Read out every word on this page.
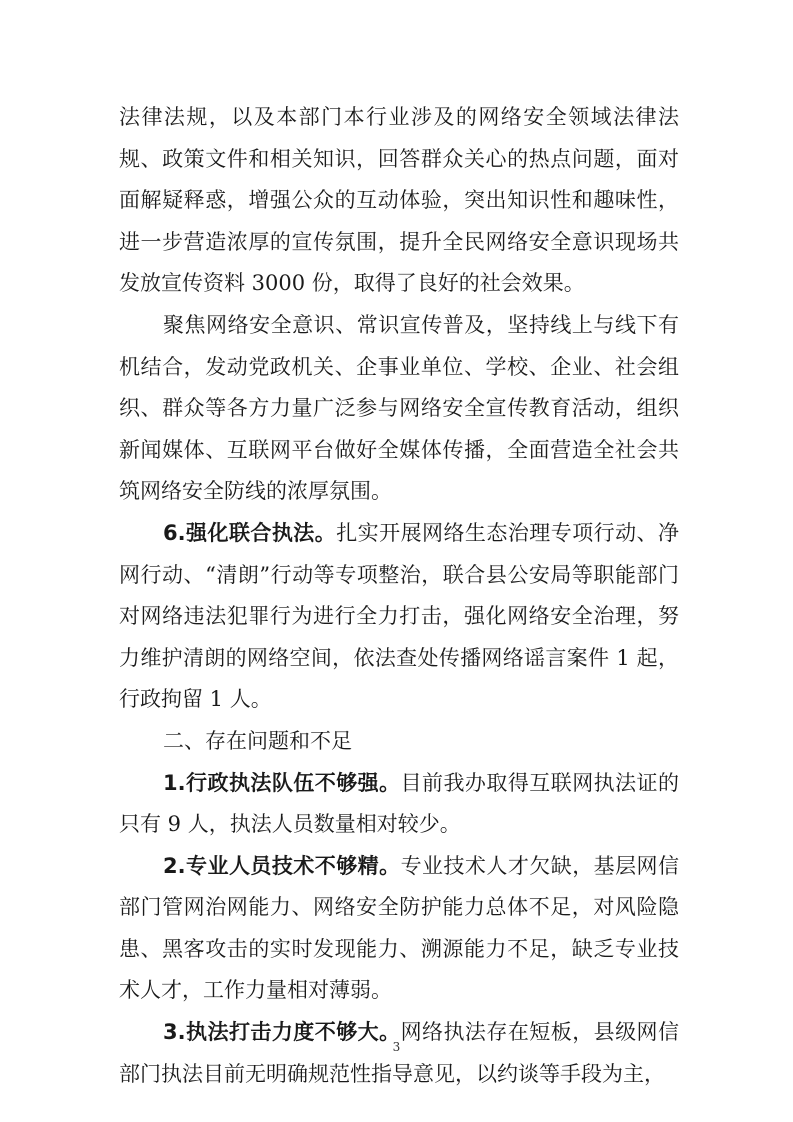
法律法规，以及本部门本行业涉及的网络安全领域法律法规、政策文件和相关知识，回答群众关心的热点问题，面对面解疑释惑，增强公众的互动体验，突出知识性和趣味性，进一步营造浓厚的宣传氛围，提升全民网络安全意识现场共发放宣传资料 3000 份，取得了良好的社会效果。

聚焦网络安全意识、常识宣传普及，坚持线上与线下有机结合，发动党政机关、企事业单位、学校、企业、社会组织、群众等各方力量广泛参与网络安全宣传教育活动，组织新闻媒体、互联网平台做好全媒体传播，全面营造全社会共筑网络安全防线的浓厚氛围。

6.强化联合执法。扎实开展网络生态治理专项行动、净网行动、“清朗”行动等专项整治，联合县公安局等职能部门对网络违法犯罪行为进行全力打击，强化网络安全治理，努力维护清朗的网络空间，依法查处传播网络谣言案件 1 起，行政拘留 1 人。

二、存在问题和不足

1.行政执法队伍不够强。目前我办取得互联网执法证的只有 9 人，执法人员数量相对较少。

2.专业人员技术不够精。专业技术人才欠缺，基层网信部门管网治网能力、网络安全防护能力总体不足，对风险隐患、黑客攻击的实时发现能力、溯源能力不足，缺乏专业技术人才，工作力量相对薄弱。

3.执法打击力度不够大。网络执法存在短板，县级网信部门执法目前无明确规范性指导意见，以约谈等手段为主，

3
